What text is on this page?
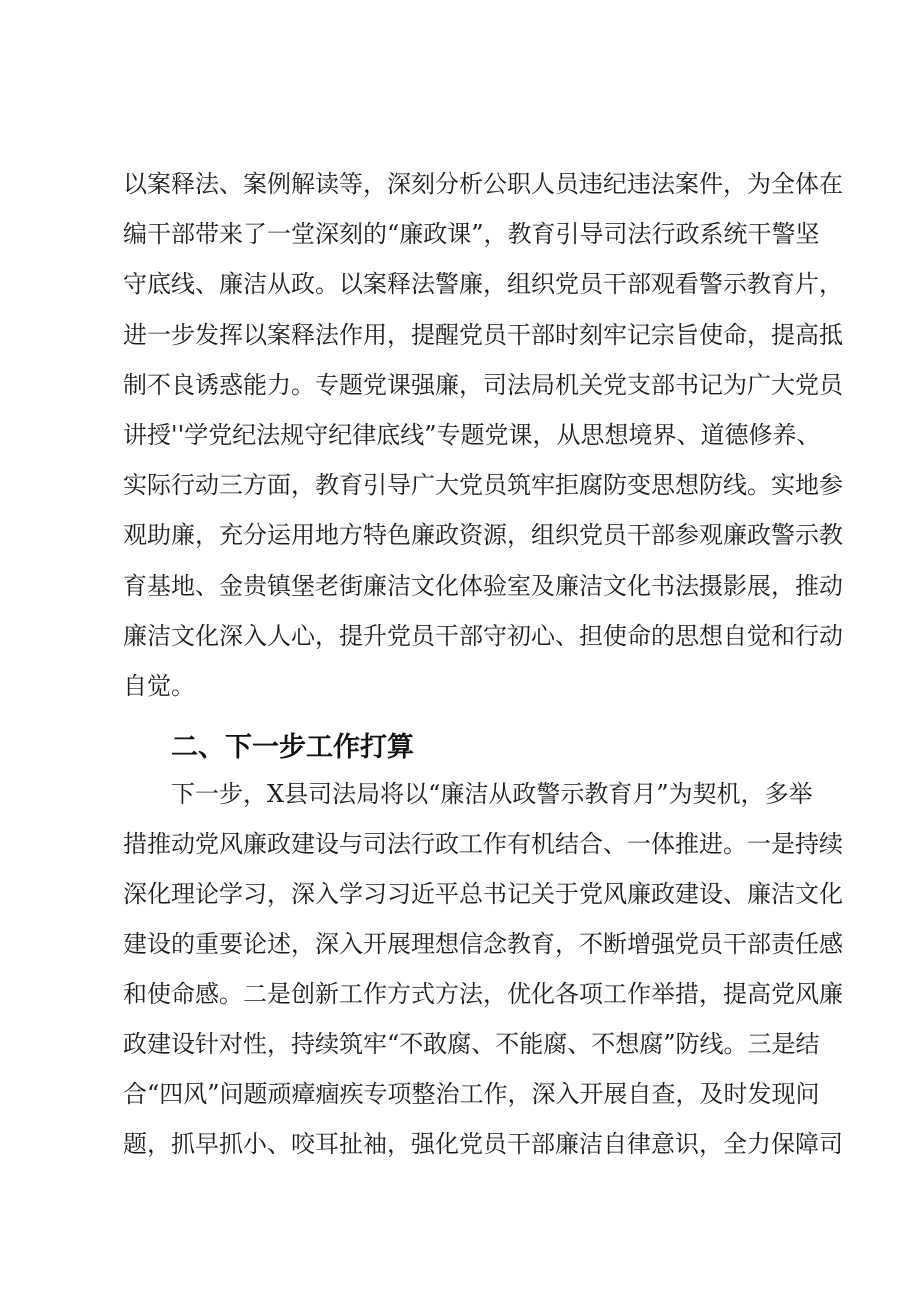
以案释法、案例解读等，深刻分析公职人员违纪违法案件，为全体在
编干部带来了一堂深刻的“廉政课”，教育引导司法行政系统干警坚
守底线、廉洁从政。以案释法警廉，组织党员干部观看警示教育片，
进一步发挥以案释法作用，提醒党员干部时刻牢记宗旨使命，提高抵
制不良诱惑能力。专题党课强廉，司法局机关党支部书记为广大党员
讲授''学党纪法规守纪律底线”专题党课，从思想境界、道德修养、
实际行动三方面，教育引导广大党员筑牢拒腐防变思想防线。实地参
观助廉，充分运用地方特色廉政资源，组织党员干部参观廉政警示教
育基地、金贵镇堡老街廉洁文化体验室及廉洁文化书法摄影展，推动
廉洁文化深入人心，提升党员干部守初心、担使命的思想自觉和行动
自觉。
二、下一步工作打算
下一步，X县司法局将以“廉洁从政警示教育月”为契机，多举
措推动党风廉政建设与司法行政工作有机结合、一体推进。一是持续
深化理论学习，深入学习习近平总书记关于党风廉政建设、廉洁文化
建设的重要论述，深入开展理想信念教育，不断增强党员干部责任感
和使命感。二是创新工作方式方法，优化各项工作举措，提高党风廉
政建设针对性，持续筑牢“不敢腐、不能腐、不想腐”防线。三是结
合“四风”问题顽瘴痼疾专项整治工作，深入开展自查，及时发现问
题，抓早抓小、咬耳扯袖，强化党员干部廉洁自律意识，全力保障司
